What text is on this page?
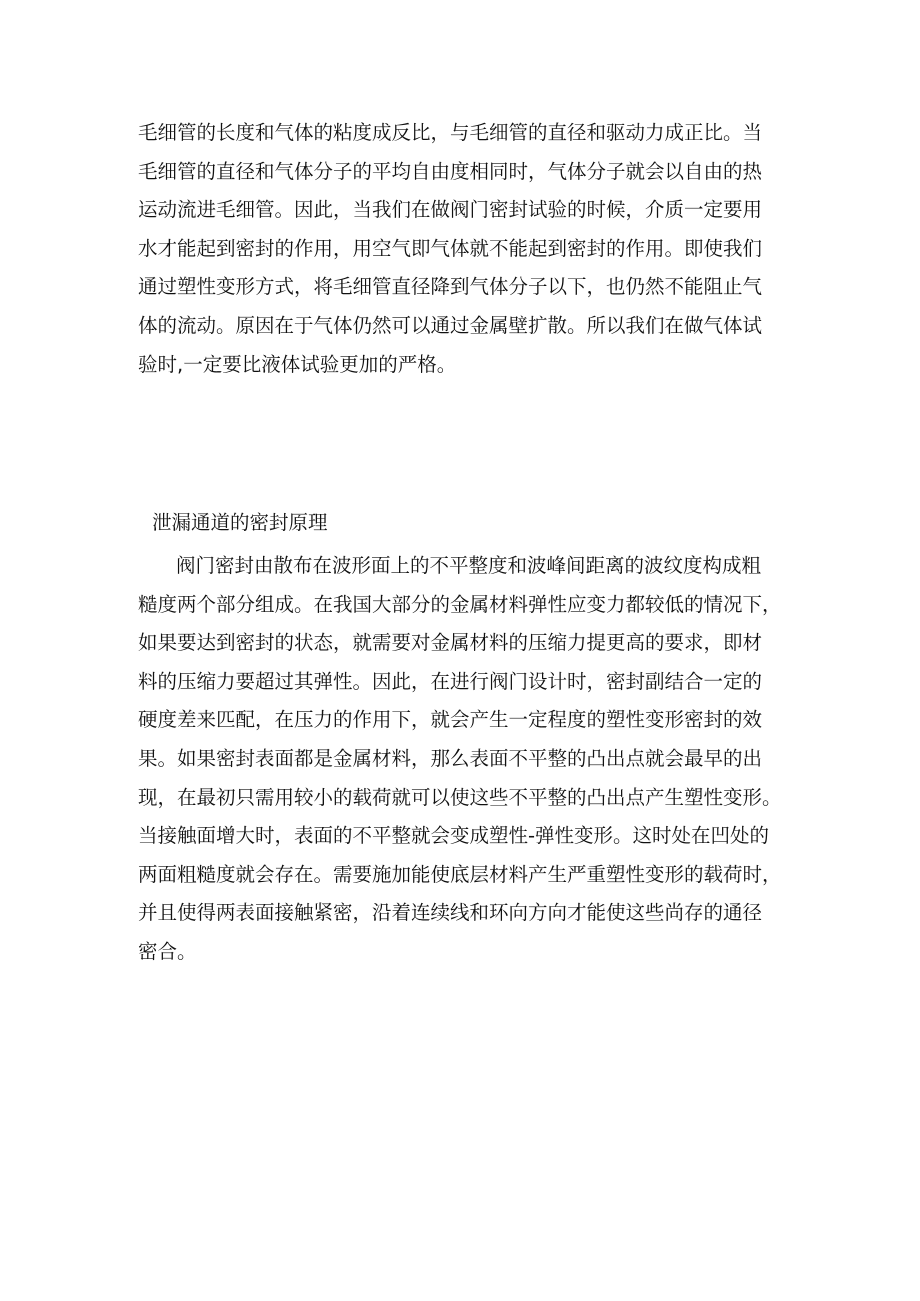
毛细管的长度和气体的粘度成反比，与毛细管的直径和驱动力成正比。当
毛细管的直径和气体分子的平均自由度相同时，气体分子就会以自由的热
运动流进毛细管。因此，当我们在做阀门密封试验的时候，介质一定要用
水才能起到密封的作用，用空气即气体就不能起到密封的作用。即使我们
通过塑性变形方式，将毛细管直径降到气体分子以下，也仍然不能阻止气
体的流动。原因在于气体仍然可以通过金属壁扩散。所以我们在做气体试
验时,一定要比液体试验更加的严格。
泄漏通道的密封原理
阀门密封由散布在波形面上的不平整度和波峰间距离的波纹度构成粗
糙度两个部分组成。在我国大部分的金属材料弹性应变力都较低的情况下，
如果要达到密封的状态，就需要对金属材料的压缩力提更高的要求，即材
料的压缩力要超过其弹性。因此，在进行阀门设计时，密封副结合一定的
硬度差来匹配，在压力的作用下，就会产生一定程度的塑性变形密封的效
果。如果密封表面都是金属材料，那么表面不平整的凸出点就会最早的出
现，在最初只需用较小的载荷就可以使这些不平整的凸出点产生塑性变形。
当接触面增大时，表面的不平整就会变成塑性-弹性变形。这时处在凹处的
两面粗糙度就会存在。需要施加能使底层材料产生严重塑性变形的载荷时，
并且使得两表面接触紧密，沿着连续线和环向方向才能使这些尚存的通径
密合。
